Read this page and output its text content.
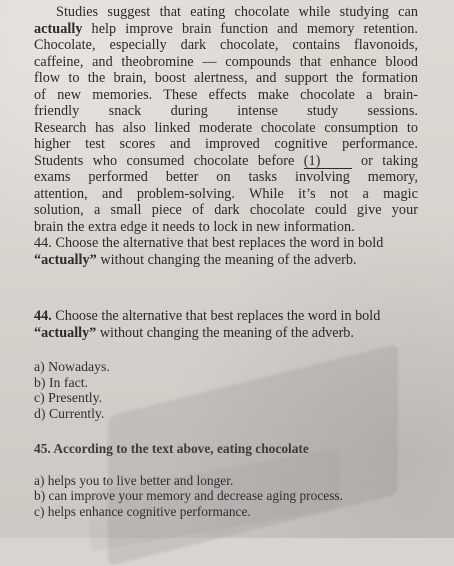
Studies suggest that eating chocolate while studying can
actually help improve brain function and memory retention.
Chocolate, especially dark chocolate, contains flavonoids,
caffeine, and theobromine — compounds that enhance blood
flow to the brain, boost alertness, and support the formation
of new memories. These effects make chocolate a brain-
friendly snack during intense study sessions.
Research has also linked moderate chocolate consumption to
higher test scores and improved cognitive performance.
Students who consumed chocolate before (1) or taking
exams performed better on tasks involving memory,
attention, and problem-solving. While it’s not a magic
solution, a small piece of dark chocolate could give your
brain the extra edge it needs to lock in new information.
44. Choose the alternative that best replaces the word in bold
“actually” without changing the meaning of the adverb.
44. Choose the alternative that best replaces the word in bold
“actually” without changing the meaning of the adverb.
a) Nowadays.
b) In fact.
c) Presently.
d) Currently.
45. According to the text above, eating chocolate
a) helps you to live better and longer.
b) can improve your memory and decrease aging process.
c) helps enhance cognitive performance.
